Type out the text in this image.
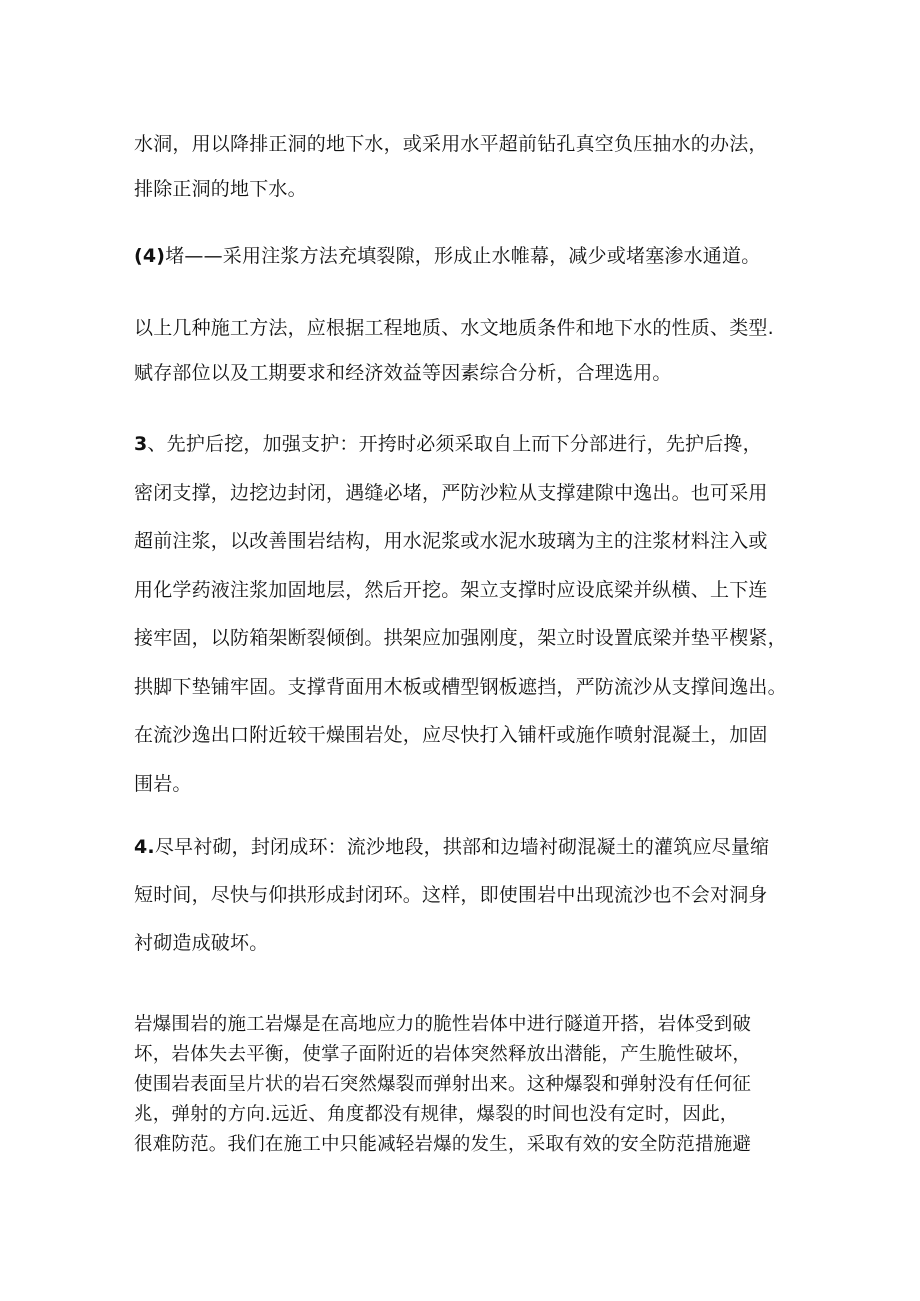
水洞，用以降排正洞的地下水，或采用水平超前钻孔真空负压抽水的办法，
排除正洞的地下水。

(4)堵——采用注浆方法充填裂隙，形成止水帷幕，减少或堵塞渗水通道。

以上几种施工方法，应根据工程地质、水文地质条件和地下水的性质、类型.
赋存部位以及工期要求和经济效益等因素综合分析，合理选用。

3、先护后挖，加强支护：开挎时必须采取自上而下分部进行，先护后搀，
密闭支撑，边挖边封闭，遇缝必堵，严防沙粒从支撑建隙中逸出。也可采用
超前注浆，以改善围岩结构，用水泥浆或水泥水玻璃为主的注浆材料注入或
用化学药液注浆加固地层，然后开挖。架立支撑时应设底梁并纵横、上下连
接牢固，以防箱架断裂倾倒。拱架应加强刚度，架立时设置底梁并垫平楔紧，
拱脚下垫铺牢固。支撑背面用木板或槽型钢板遮挡，严防流沙从支撑间逸出。
在流沙逸出口附近较干燥围岩处，应尽快打入铺杆或施作喷射混凝土，加固
围岩。

4.尽早衬砌，封闭成环：流沙地段，拱部和边墙衬砌混凝土的灌筑应尽量缩
短时间，尽快与仰拱形成封闭环。这样，即使围岩中出现流沙也不会对洞身
衬砌造成破坏。

岩爆围岩的施工岩爆是在高地应力的脆性岩体中进行隧道开搭，岩体受到破
坏，岩体失去平衡，使掌子面附近的岩体突然释放出潜能，产生脆性破坏，
使围岩表面呈片状的岩石突然爆裂而弹射出来。这种爆裂和弹射没有任何征
兆，弹射的方向.远近、角度都没有规律，爆裂的时间也没有定时，因此，
很难防范。我们在施工中只能减轻岩爆的发生，采取有效的安全防范措施避
